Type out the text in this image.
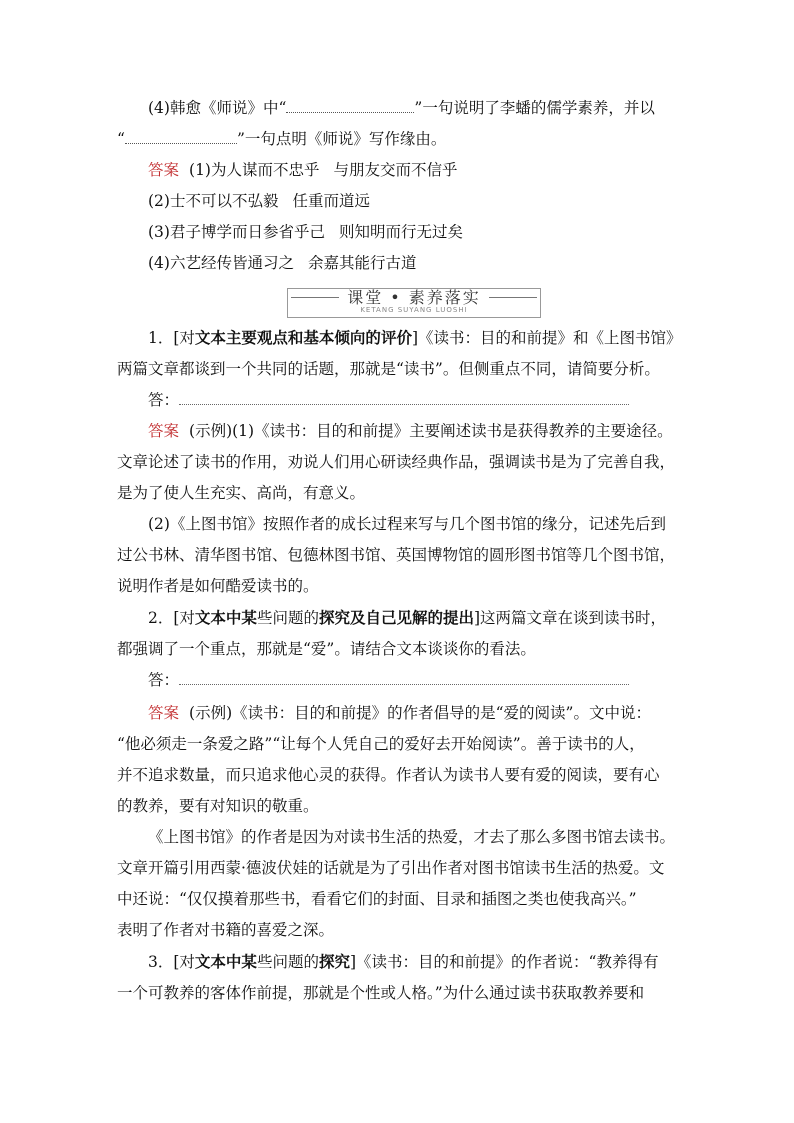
(4)韩愈《师说》中“	”一句说明了李蟠的儒学素养，并以
“	”一句点明《师说》写作缘由。
答案 (1)为人谋而不忠乎 与朋友交而不信乎
(2)士不可以不弘毅 任重而道远
(3)君子博学而日参省乎己 则知明而行无过矣
(4)六艺经传皆通习之 余嘉其能行古道
课堂 • 素养落实
KETANG SUYANG LUOSHI
1．[对文本主要观点和基本倾向的评价]《读书：目的和前提》和《上图书馆》
两篇文章都谈到一个共同的话题，那就是“读书”。但侧重点不同，请简要分析。
答：
答案 (示例)(1)《读书：目的和前提》主要阐述读书是获得教养的主要途径。
文章论述了读书的作用，劝说人们用心研读经典作品，强调读书是为了完善自我，
是为了使人生充实、高尚，有意义。
(2)《上图书馆》按照作者的成长过程来写与几个图书馆的缘分，记述先后到
过公书林、清华图书馆、包德林图书馆、英国博物馆的圆形图书馆等几个图书馆，
说明作者是如何酷爱读书的。
2．[对文本中某些问题的探究及自己见解的提出]这两篇文章在谈到读书时，
都强调了一个重点，那就是“爱”。请结合文本谈谈你的看法。
答：
答案 (示例)《读书：目的和前提》的作者倡导的是“爱的阅读”。文中说：
“他必须走一条爱之路”“让每个人凭自己的爱好去开始阅读”。善于读书的人，
并不追求数量，而只追求他心灵的获得。作者认为读书人要有爱的阅读，要有心
的教养，要有对知识的敬重。
《上图书馆》的作者是因为对读书生活的热爱，才去了那么多图书馆去读书。
文章开篇引用西蒙·德波伏娃的话就是为了引出作者对图书馆读书生活的热爱。文
中还说：“仅仅摸着那些书，看看它们的封面、目录和插图之类也使我高兴。”
表明了作者对书籍的喜爱之深。
3．[对文本中某些问题的探究]《读书：目的和前提》的作者说：“教养得有
一个可教养的客体作前提，那就是个性或人格。”为什么通过读书获取教养要和
